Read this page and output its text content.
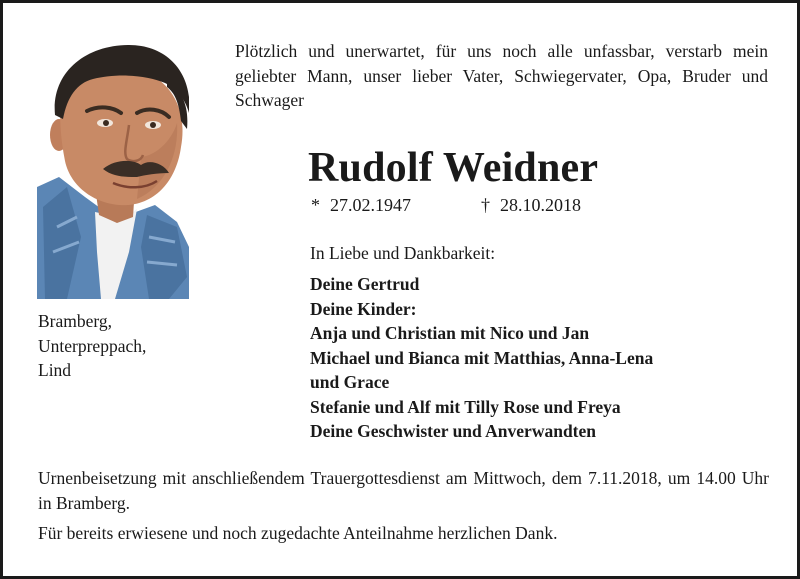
Plötzlich und unerwartet, für uns noch alle unfassbar, verstarb mein geliebter Mann, unser lieber Vater, Schwiegervater, Opa, Bruder und Schwager

Rudolf Weidner
* 27.02.1947	† 28.10.2018
Bramberg,
Unterpreppach,
Lind

In Liebe und Dankbarkeit:

Deine Gertrud
Deine Kinder:
Anja und Christian mit Nico und Jan
Michael und Bianca mit Matthias, Anna-Lena
und Grace
Stefanie und Alf mit Tilly Rose und Freya
Deine Geschwister und Anverwandten

Urnenbeisetzung mit anschließendem Trauergottesdienst am Mittwoch, dem 7.11.2018, um 14.00 Uhr in Bramberg.

Für bereits erwiesene und noch zugedachte Anteilnahme herzlichen Dank.
